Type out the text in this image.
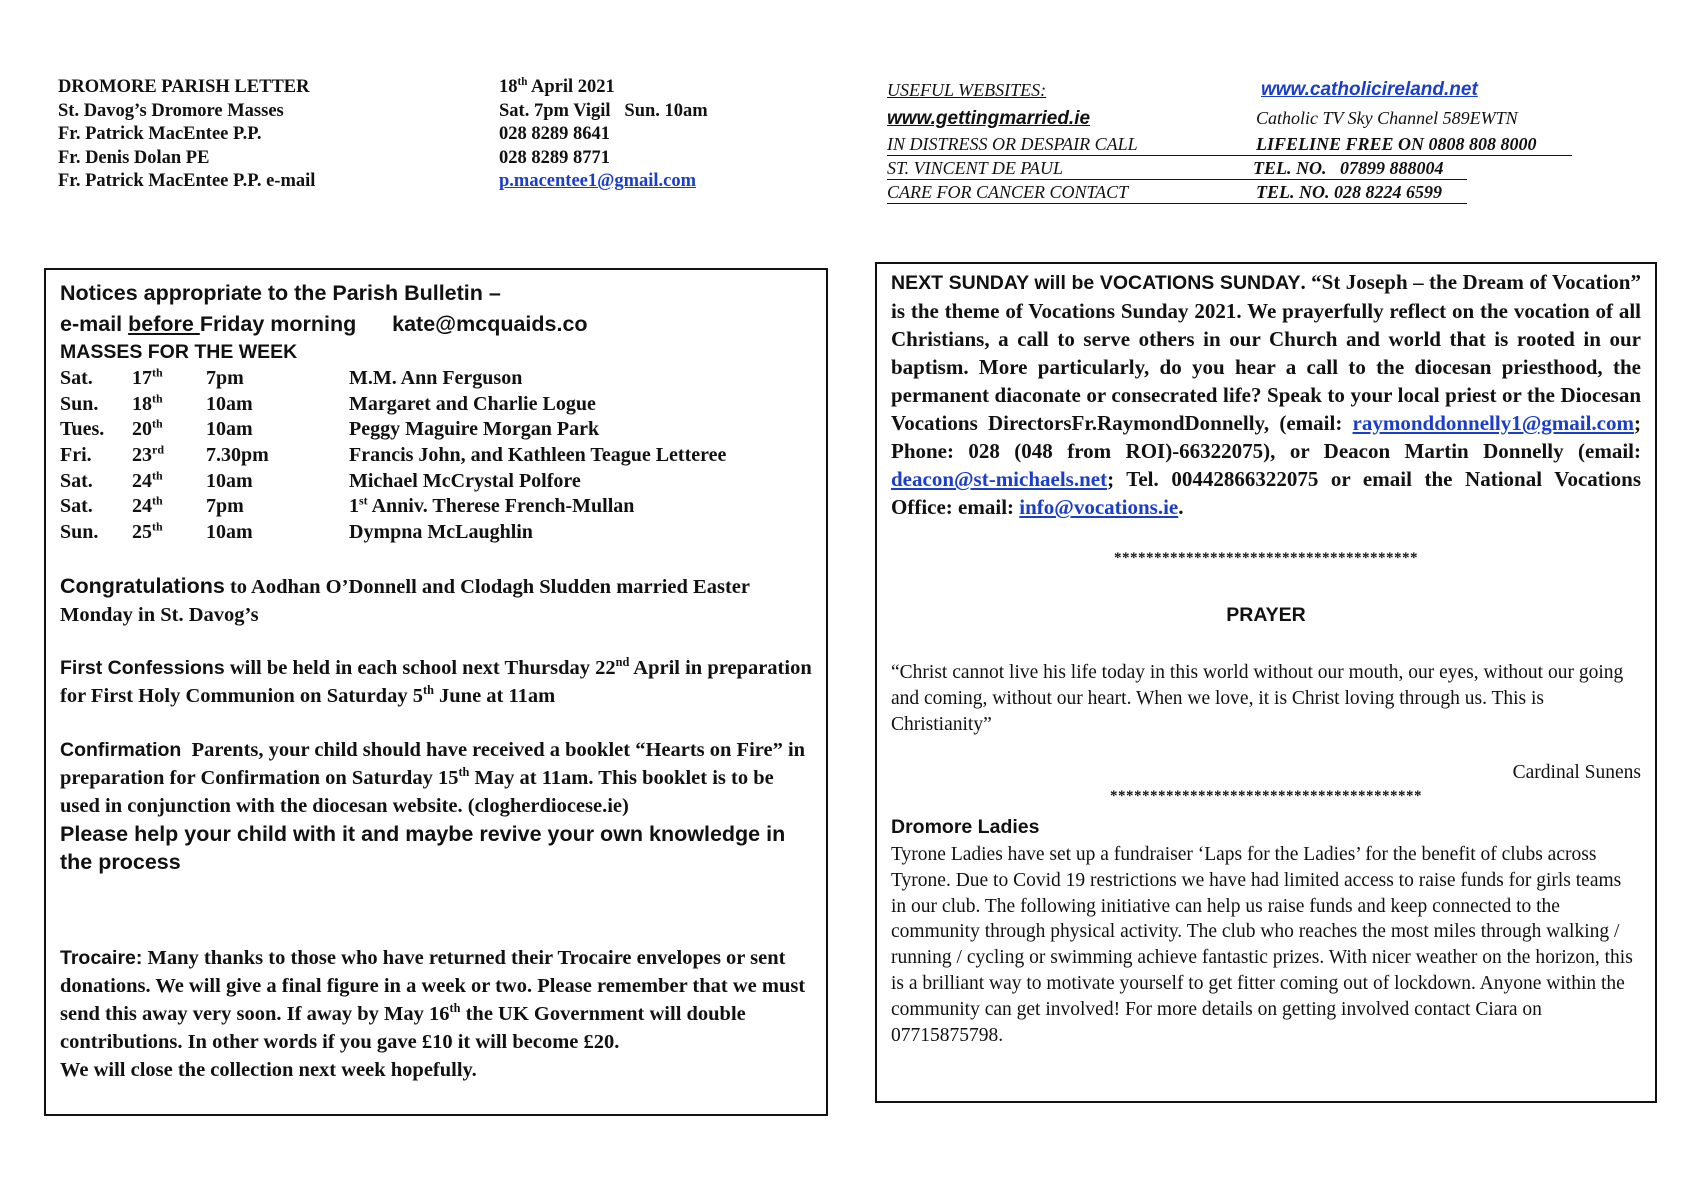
DROMORE PARISH LETTER
St. Davog’s Dromore Masses
Fr. Patrick MacEntee P.P.
Fr. Denis Dolan PE
Fr. Patrick MacEntee P.P. e-mail
18th April 2021
Sat. 7pm Vigil   Sun. 10am
028 8289 8641
028 8289 8771
p.macentee1@gmail.com
USEFUL WEBSITES:	www.catholicireland.net
www.gettingmarried.ie	Catholic TV Sky Channel 589EWTN
IN DISTRESS OR DESPAIR CALL	LIFELINE FREE ON 0808 808 8000
ST. VINCENT DE PAUL	TEL. NO.   07899 888004
CARE FOR CANCER CONTACT	TEL. NO. 028 8224 6599
Notices appropriate to the Parish Bulletin –
e-mail before Friday morning kate@mcquaids.co
MASSES FOR THE WEEK
Sat.	17th	7pm	M.M. Ann Ferguson
Sun.	18th	10am	Margaret and Charlie Logue
Tues.	20th	10am	Peggy Maguire Morgan Park
Fri.	23rd	7.30pm	Francis John, and Kathleen Teague Letteree
Sat.	24th	10am	Michael McCrystal Polfore
Sat.	24th	7pm	1st Anniv. Therese French-Mullan
Sun.	25th	10am	Dympna McLaughlin
Congratulations to Aodhan O’Donnell and Clodagh Sludden married Easter Monday in St. Davog’s
First Confessions will be held in each school next Thursday 22nd April in preparation for First Holy Communion on Saturday 5th June at 11am
Confirmation  Parents, your child should have received a booklet “Hearts on Fire” in preparation for Confirmation on Saturday 15th May at 11am. This booklet is to be used in conjunction with the diocesan website. (clogherdiocese.ie)
Please help your child with it and maybe revive your own knowledge in the process
Trocaire: Many thanks to those who have returned their Trocaire envelopes or sent donations. We will give a final figure in a week or two. Please remember that we must send this away very soon. If away by May 16th the UK Government will double contributions. In other words if you gave £10 it will become £20.
We will close the collection next week hopefully.
NEXT SUNDAY will be VOCATIONS SUNDAY. “St Joseph – the Dream of Vocation” is the theme of Vocations Sunday 2021. We prayerfully reflect on the vocation of all Christians, a call to serve others in our Church and world that is rooted in our baptism. More particularly, do you hear a call to the diocesan priesthood, the permanent diaconate or consecrated life? Speak to your local priest or the Diocesan Vocations DirectorsFr.RaymondDonnelly, (email: raymonddonnelly1@gmail.com; Phone: 028 (048 from ROI)-66322075), or Deacon Martin Donnelly (email: deacon@st-michaels.net; Tel. 00442866322075 or email the National Vocations Office: email: info@vocations.ie.
**************************************
PRAYER
“Christ cannot live his life today in this world without our mouth, our eyes, without our going and coming, without our heart. When we love, it is Christ loving through us. This is Christianity”
Cardinal Sunens
***************************************
Dromore Ladies
Tyrone Ladies have set up a fundraiser ‘Laps for the Ladies’ for the benefit of clubs across Tyrone. Due to Covid 19 restrictions we have had limited access to raise funds for girls teams in our club. The following initiative can help us raise funds and keep connected to the community through physical activity. The club who reaches the most miles through walking / running / cycling or swimming achieve fantastic prizes. With nicer weather on the horizon, this is a brilliant way to motivate yourself to get fitter coming out of lockdown. Anyone within the community can get involved! For more details on getting involved contact Ciara on 07715875798.
